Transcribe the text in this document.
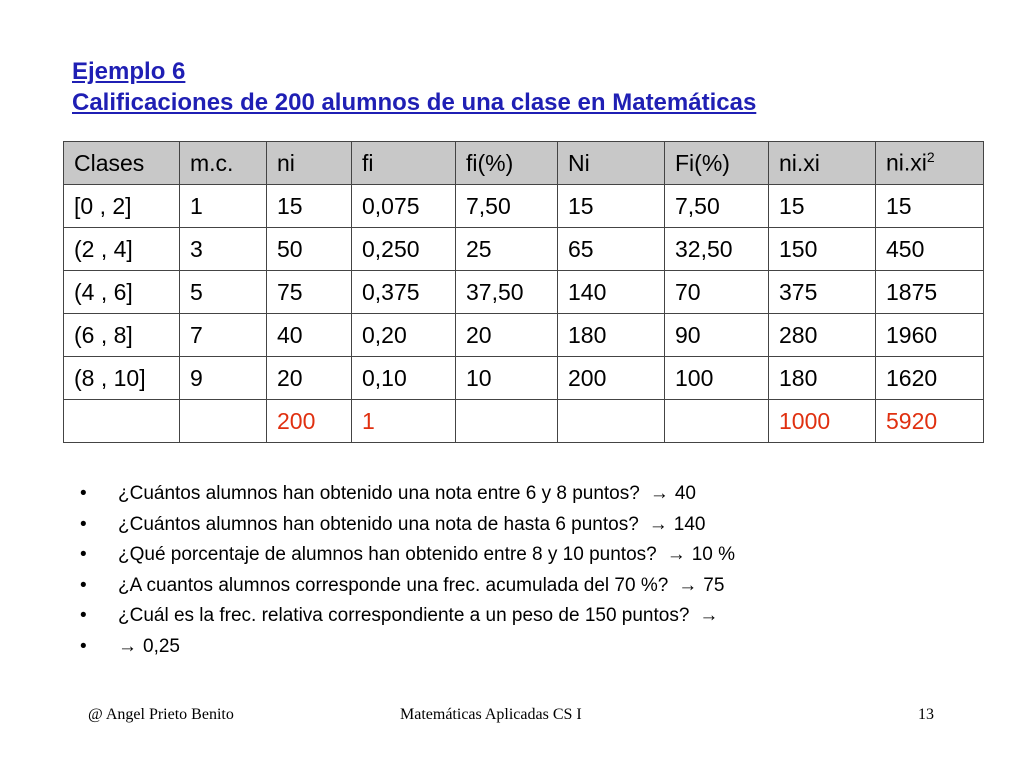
Ejemplo 6
Calificaciones de 200 alumnos de una clase en Matemáticas
Clases	m.c.	ni	fi	fi(%)	Ni	Fi(%)	ni.xi	$ni.xi^2$
[0 , 2]	1	15	0,075	7,50	15	7,50	15	15
(2 , 4]	3	50	0,250	25	65	32,50	150	450
(4 , 6]	5	75	0,375	37,50	140	70	375	1875
(6 , 8]	7	40	0,20	20	180	90	280	1960
(8 , 10]	9	20	0,10	10	200	100	180	1620
		200	1				1000	5920
• ¿Cuántos alumnos han obtenido una nota entre 6 y 8 puntos? → 40
• ¿Cuántos alumnos han obtenido una nota de hasta 6 puntos? → 140
• ¿Qué porcentaje de alumnos han obtenido entre 8 y 10 puntos? → 10 %
• ¿A cuantos alumnos corresponde una frec. acumulada del 70 %? → 75
• ¿Cuál es la frec. relativa correspondiente a un peso de 150 puntos? →
• → 0,25
@ Angel Prieto Benito	Matemáticas Aplicadas CS I	13
